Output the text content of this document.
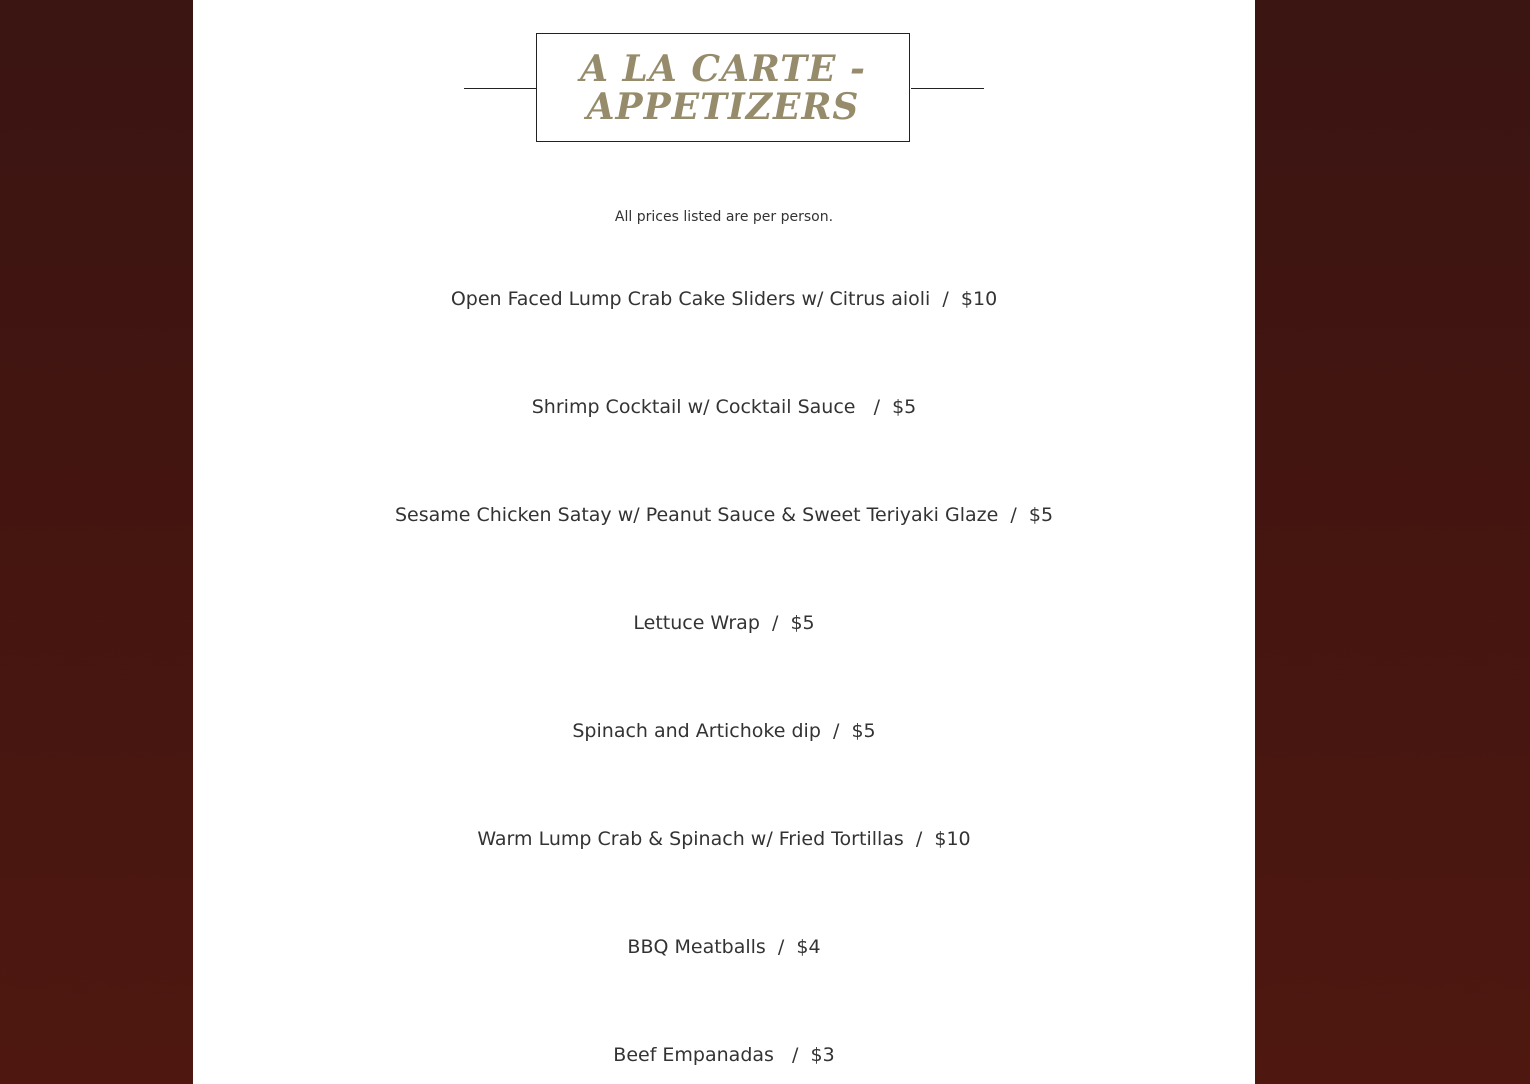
A LA CARTE -
APPETIZERS

All prices listed are per person.

Open Faced Lump Crab Cake Sliders w/ Citrus aioli  /  $10
Shrimp Cocktail w/ Cocktail Sauce   /  $5
Sesame Chicken Satay w/ Peanut Sauce & Sweet Teriyaki Glaze  /  $5
Lettuce Wrap  /  $5
Spinach and Artichoke dip  /  $5
Warm Lump Crab & Spinach w/ Fried Tortillas  /  $10
BBQ Meatballs  /  $4
Beef Empanadas   /  $3
